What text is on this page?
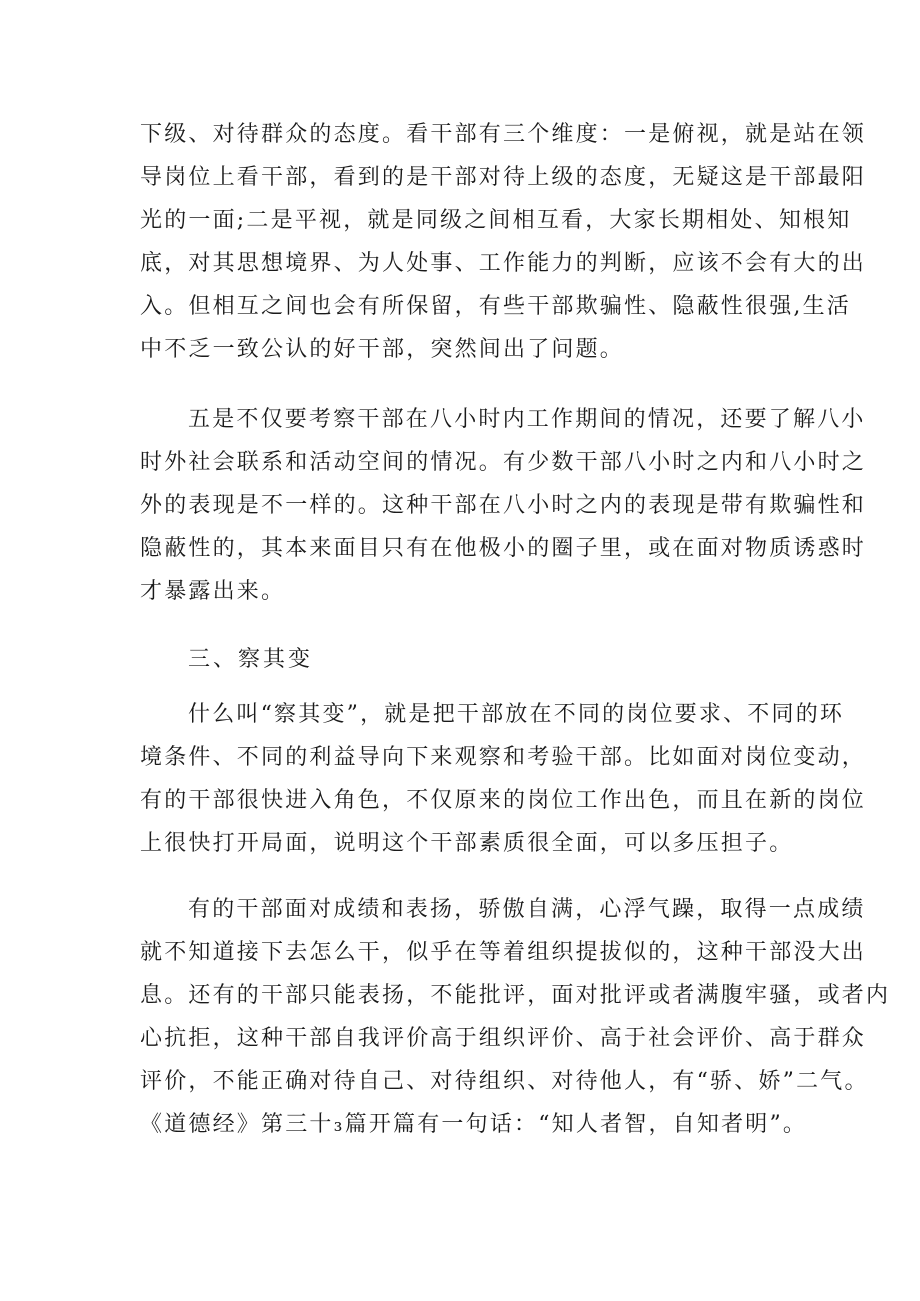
下级、对待群众的态度。看干部有三个维度：一是俯视，就是站在领

导岗位上看干部，看到的是干部对待上级的态度，无疑这是干部最阳

光的一面;二是平视，就是同级之间相互看，大家长期相处、知根知

底，对其思想境界、为人处事、工作能力的判断，应该不会有大的出

入。但相互之间也会有所保留，有些干部欺骗性、隐蔽性很强,生活

中不乏一致公认的好干部，突然间出了问题。

五是不仅要考察干部在八小时内工作期间的情况，还要了解八小

时外社会联系和活动空间的情况。有少数干部八小时之内和八小时之

外的表现是不一样的。这种干部在八小时之内的表现是带有欺骗性和

隐蔽性的，其本来面目只有在他极小的圈子里，或在面对物质诱惑时

才暴露出来。

三、察其变

什么叫“察其变”，就是把干部放在不同的岗位要求、不同的环

境条件、不同的利益导向下来观察和考验干部。比如面对岗位变动，

有的干部很快进入角色，不仅原来的岗位工作出色，而且在新的岗位

上很快打开局面，说明这个干部素质很全面，可以多压担子。

有的干部面对成绩和表扬，骄傲自满，心浮气躁，取得一点成绩

就不知道接下去怎么干，似乎在等着组织提拔似的，这种干部没大出

息。还有的干部只能表扬，不能批评，面对批评或者满腹牢骚，或者内

心抗拒，这种干部自我评价高于组织评价、高于社会评价、高于群众

评价，不能正确对待自己、对待组织、对待他人，有“骄、娇”二气。

《道德经》第三十₃篇开篇有一句话：“知人者智，自知者明”。
